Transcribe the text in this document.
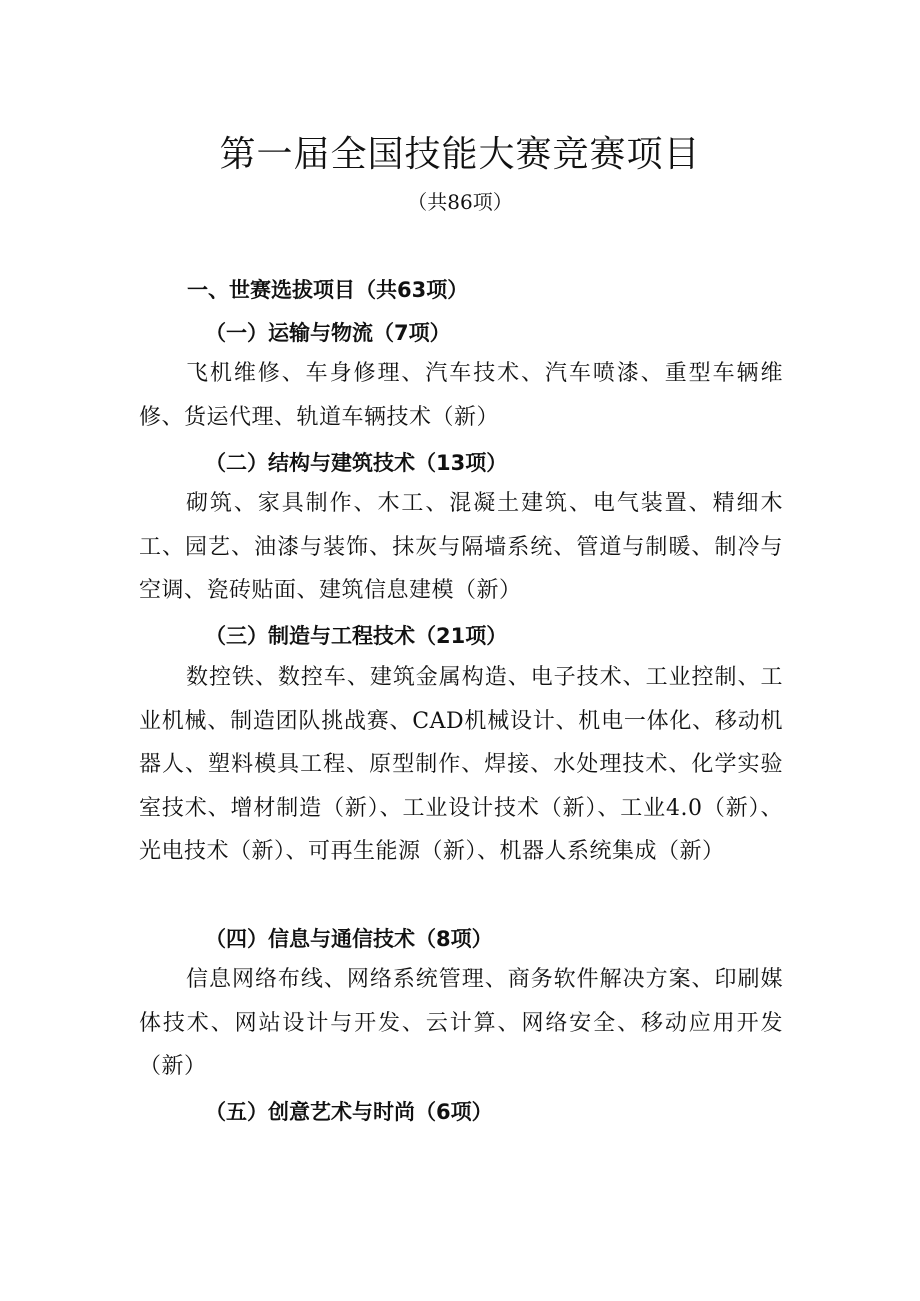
第一届全国技能大赛竞赛项目

（共86项）

一、世赛选拔项目（共63项）
（一）运输与物流（7项）

飞机维修、车身修理、汽车技术、汽车喷漆、重型车辆维修、货运代理、轨道车辆技术（新）

（二）结构与建筑技术（13项）

砌筑、家具制作、木工、混凝土建筑、电气装置、精细木工、园艺、油漆与装饰、抹灰与隔墙系统、管道与制暖、制冷与空调、瓷砖贴面、建筑信息建模（新）

（三）制造与工程技术（21项）

数控铁、数控车、建筑金属构造、电子技术、工业控制、工业机械、制造团队挑战赛、CAD机械设计、机电一体化、移动机器人、塑料模具工程、原型制作、焊接、水处理技术、化学实验室技术、增材制造（新）、工业设计技术（新）、工业4.0（新）、光电技术（新）、可再生能源（新）、机器人系统集成（新）

（四）信息与通信技术（8项）

信息网络布线、网络系统管理、商务软件解决方案、印刷媒体技术、网站设计与开发、云计算、网络安全、移动应用开发（新）

（五）创意艺术与时尚（6项）
